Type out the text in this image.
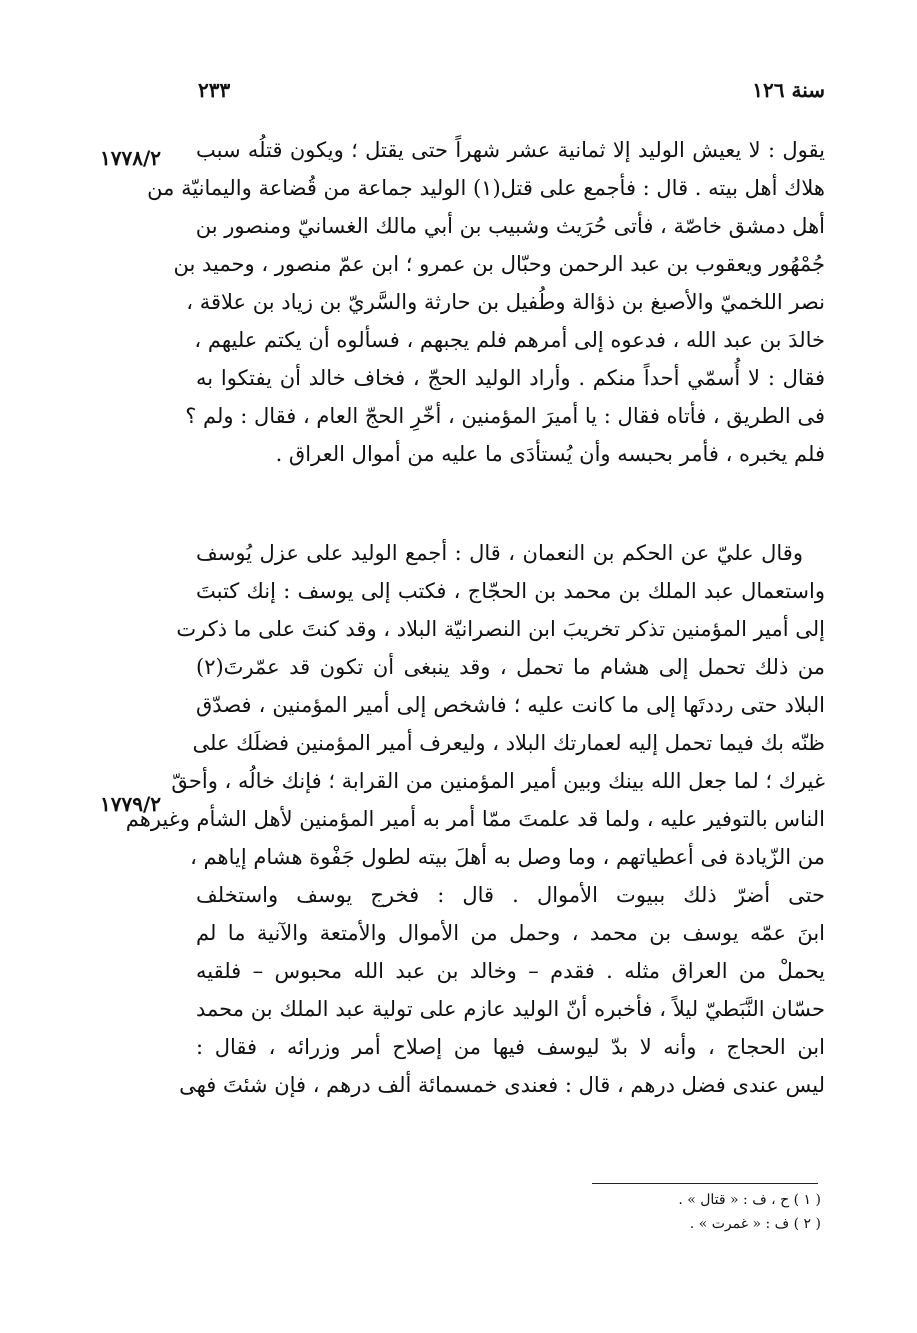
سنة ١٢٦
٢٣٣
١٧٧٨/٢
١٧٧٩/٢
يقول : لا يعيش الوليد إلا ثمانية عشر شهراً حتى يقتل ؛ ويكون قتلُه سبب
هلاك أهل بيته . قال : فأجمع على قتل(١) الوليد جماعة من قُضاعة واليمانيّة من
أهل دمشق خاصّة ، فأتى حُرَيث وشبيب بن أبي مالك الغسانيّ ومنصور بن
جُمْهُور ويعقوب بن عبد الرحمن وحبّال بن عمرو ؛ ابن عمّ منصور ، وحميد بن
نصر اللخميّ والأصبغ بن ذؤالة وطُفيل بن حارثة والسَّريّ بن زياد بن علاقة ،
خالدَ بن عبد الله ، فدعوه إلى أمرهم فلم يجبهم ، فسألوه أن يكتم عليهم ،
فقال : لا أُسمّي أحداً منكم . وأراد الوليد الحجّ ، فخاف خالد أن يفتكوا به
فى الطريق ، فأتاه فقال : يا أميرَ المؤمنين ، أخّرِ الحجّ العام ، فقال : ولم ؟
فلم يخبره ، فأمر بحبسه وأن يُستأدَى ما عليه من أموال العراق .
وقال عليّ عن الحكم بن النعمان ، قال : أجمع الوليد على عزل يُوسف
واستعمال عبد الملك بن محمد بن الحجّاج ، فكتب إلى يوسف : إنك كتبتَ
إلى أمير المؤمنين تذكر تخريبَ ابن النصرانيّة البلاد ، وقد كنتَ على ما ذكرت
من ذلك تحمل إلى هشام ما تحمل ، وقد ينبغى أن تكون قد عمّرتَ(٢)
البلاد حتى رددتَها إلى ما كانت عليه ؛ فاشخص إلى أمير المؤمنين ، فصدّق
ظنّه بك فيما تحمل إليه لعمارتك البلاد ، وليعرف أمير المؤمنين فضلَك على
غيرك ؛ لما جعل الله بينك وبين أمير المؤمنين من القرابة ؛ فإنك خالُه ، وأحقّ
الناس بالتوفير عليه ، ولما قد علمتَ ممّا أمر به أمير المؤمنين لأهل الشأم وغيرهم
من الزّيادة فى أعطياتهم ، وما وصل به أهلَ بيته لطول جَفْوة هشام إياهم ،
حتى أضرّ ذلك ببيوت الأموال . قال : فخرج يوسف واستخلف
ابنَ عمّه يوسف بن محمد ، وحمل من الأموال والأمتعة والآنية ما لم
يحملْ من العراق مثله . فقدم – وخالد بن عبد الله محبوس – فلقيه
حسّان النَّبَطيّ ليلاً ، فأخبره أنّ الوليد عازم على تولية عبد الملك بن محمد
ابن الحجاج ، وأنه لا بدّ ليوسف فيها من إصلاح أمر وزرائه ، فقال :
ليس عندى فضل درهم ، قال : فعندى خمسمائة ألف درهم ، فإن شئتَ فهى
( ١ ) ح ، ف : « قتال » .
( ٢ ) ف : « غمرت » .
